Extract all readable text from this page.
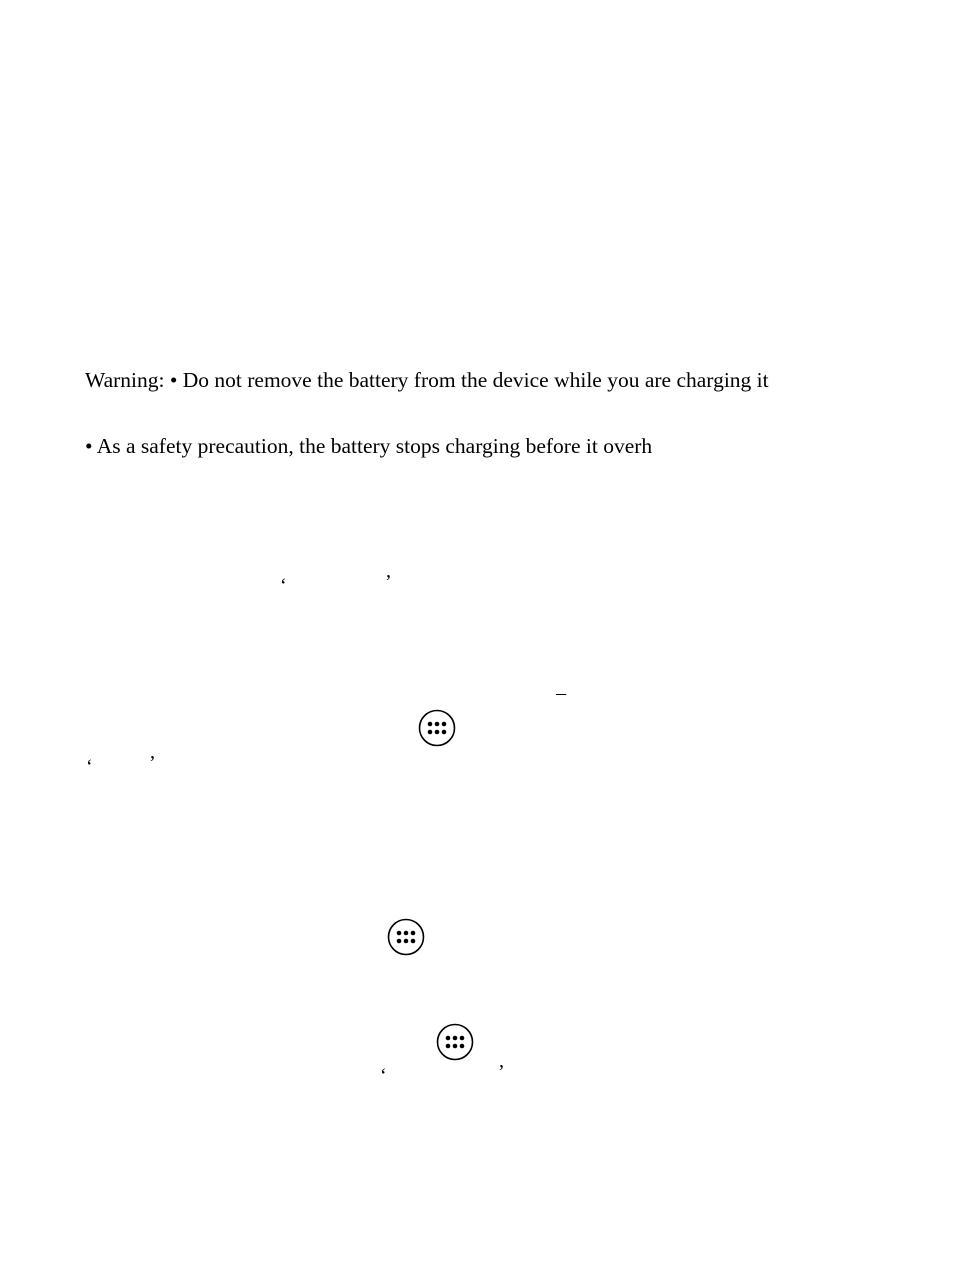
Warning: • Do not remove the battery from the device while you are charging it
• As a safety precaution, the battery stops charging before it overh
‘	’
–
‘	’
‘	’
